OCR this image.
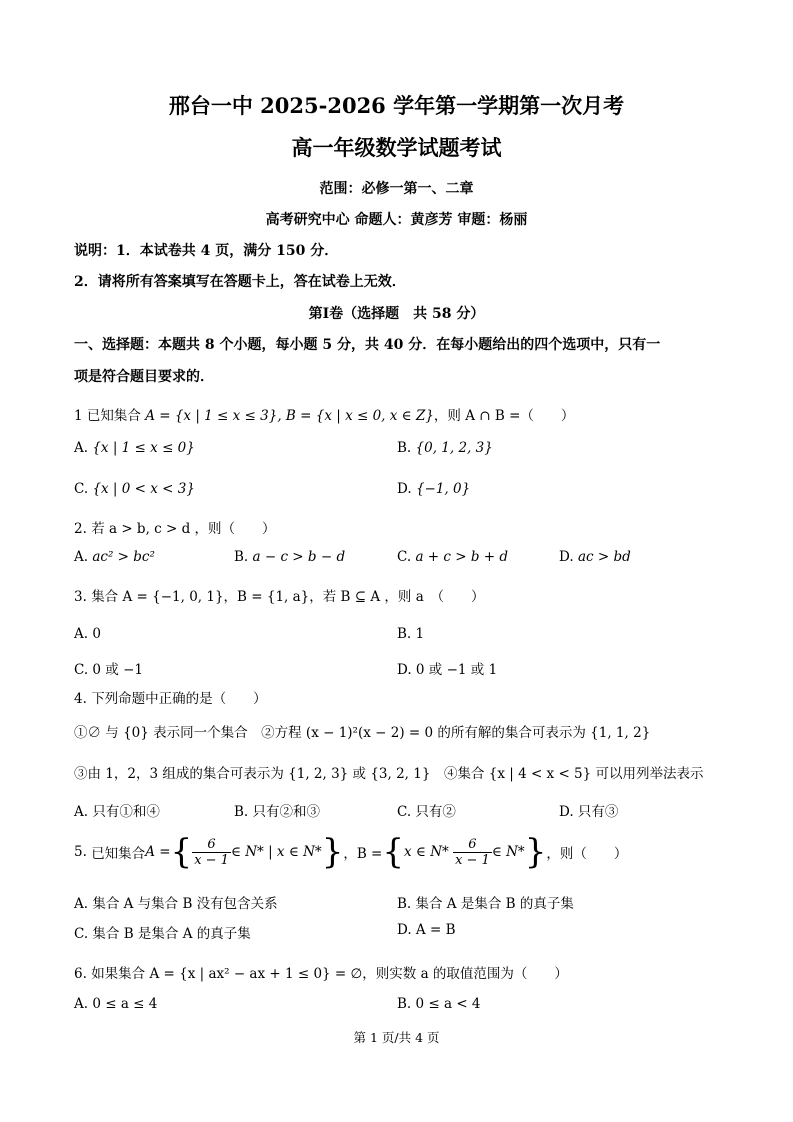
邢台一中 2025-2026 学年第一学期第一次月考
高一年级数学试题考试
范围：必修一第一、二章
高考研究中心 命题人：黄彦芳 审题：杨丽
说明：1．本试卷共 4 页，满分 150 分．
2．请将所有答案填写在答题卡上，答在试卷上无效．
第Ⅰ卷（选择题　共 58 分）
一、选择题：本题共 8 个小题，每小题 5 分，共 40 分．在每小题给出的四个选项中，只有一
项是符合题目要求的．
1 已知集合 A = {x | 1 ≤ x ≤ 3}, B = {x | x ≤ 0, x ∈ Z}，则 A ∩ B =（　　）
A. {x | 1 ≤ x ≤ 0}	B. {0, 1, 2, 3}
C. {x | 0 < x < 3}	D. {−1, 0}
2. 若 a > b, c > d ，则（　　）
A. ac² > bc²	B. a − c > b − d	C. a + c > b + d	D. ac > bd
3. 集合 A = {−1, 0, 1}，B = {1, a}，若 B ⊆ A ，则 a　（　　）
A. 0	B. 1
C. 0 或 −1	D. 0 或 −1 或 1
4. 下列命题中正确的是（　　）
①∅ 与 {0} 表示同一个集合　②方程 (x − 1)²(x − 2) = 0 的所有解的集合可表示为 {1, 1, 2}
③由 1，2，3 组成的集合可表示为 {1, 2, 3} 或 {3, 2, 1}　④集合 {x | 4 < x < 5} 可以用列举法表示
A. 只有①和④	B. 只有②和③	C. 只有②	D. 只有③
5.
已知集合 A = { $\frac{6}{x - 1}$ ∈ N* | x ∈ N* } ，B = { x ∈ N*
$\frac{6}{x - 1}$ ∈ N* } ，则（　　）
A. 集合 A 与集合 B 没有包含关系	B. 集合 A 是集合 B 的真子集
C. 集合 B 是集合 A 的真子集	D. A = B
6. 如果集合 A = {x | ax² − ax + 1 ≤ 0} = ∅，则实数 a 的取值范围为（　　）
A. 0 ≤ a ≤ 4	B. 0 ≤ a < 4
第 1 页/共 4 页
